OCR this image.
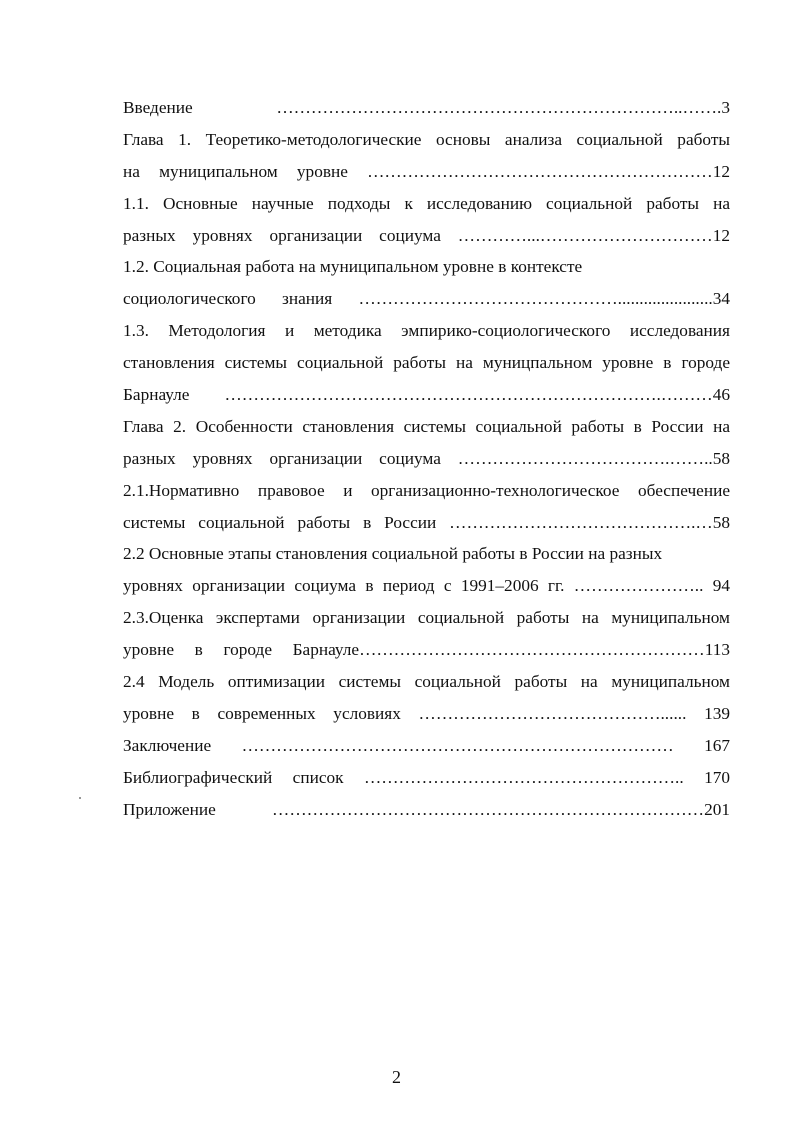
Введение ……………………………………………………………..…….3
Глава 1. Теоретико-методологические основы анализа социальной работы
на муниципальном уровне ……………………………………………………12
1.1. Основные научные подходы к исследованию социальной работы на
разных уровнях организации социума …………...…………………………12
1.2. Социальная работа на муниципальном уровне в контексте
социологического знания ………………………………………......................34
1.3. Методология и методика эмпирико-социологического исследования
становления системы социальной работы на муницпальном уровне в городе
Барнауле ………………………………………………………………….………46
Глава 2. Особенности становления системы социальной работы в России на
разных уровнях организации социума ……………………………….……..58
2.1.Нормативно правовое и организационно-технологическое обеспечение
системы социальной работы в России …………………………………….…58
2.2 Основные этапы становления социальной работы в России на разных
уровнях организации социума в период с 1991–2006 гг. ………………….. 94
2.3.Оценка экспертами организации социальной работы на муниципальном
уровне в городе Барнауле……………………………………………………113
2.4 Модель оптимизации системы социальной работы на муниципальном
уровне в современных условиях ……………………………………...... 139
Заключение ………………………………………………………………… 167
Библиографический список ……………………………………………….. 170
Приложение …………………………………………………………………201
2
